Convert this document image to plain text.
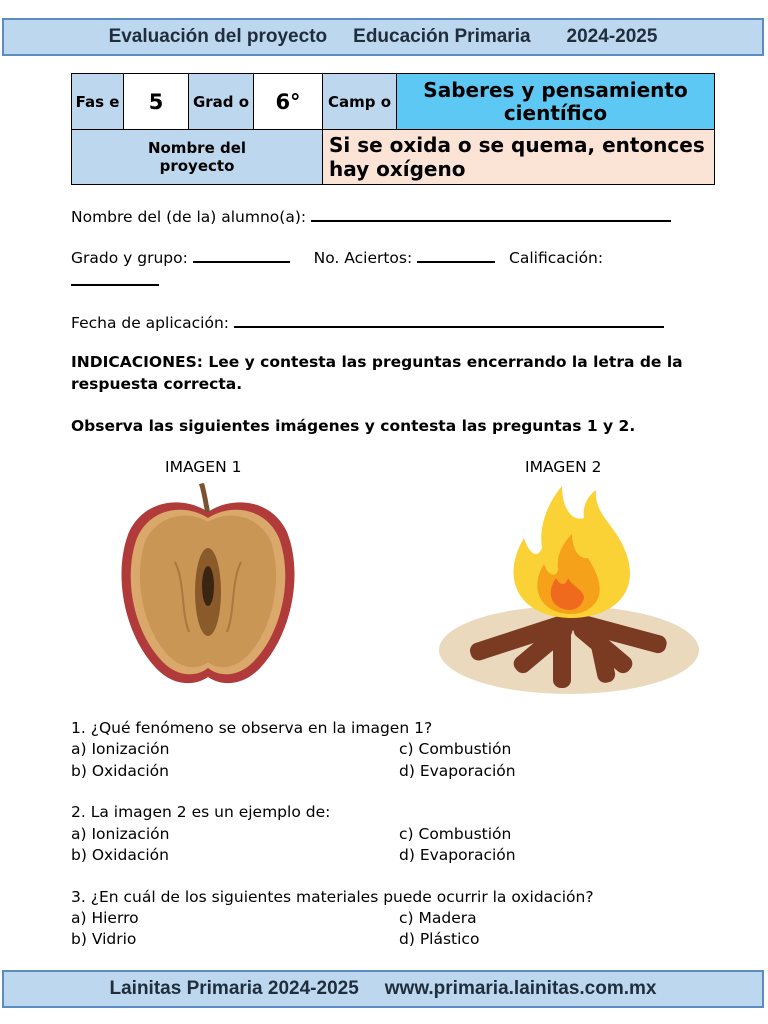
Evaluación del proyecto Educación Primaria 2024-2025
Fas e	5	Grad o	6°	Camp o	Saberes y pensamiento científico
Nombre del proyecto				Si se oxida o se quema, entonces hay oxígeno	
Nombre del (de la) alumno(a):
Grado y grupo:	No. Aciertos:	Calificación:
Fecha de aplicación:
INDICACIONES: Lee y contesta las preguntas encerrando la letra de la respuesta correcta.
Observa las siguientes imágenes y contesta las preguntas 1 y 2.
IMAGEN 1	IMAGEN 2
1. ¿Qué fenómeno se observa en la imagen 1?
a) Ionización
b) Oxidación
c) Combustión
d) Evaporación
2. La imagen 2 es un ejemplo de:
a) Ionización
b) Oxidación
c) Combustión
d) Evaporación
3. ¿En cuál de los siguientes materiales puede ocurrir la oxidación?
a) Hierro
b) Vidrio
c) Madera
d) Plástico
Lainitas Primaria 2024-2025 www.primaria.lainitas.com.mx
